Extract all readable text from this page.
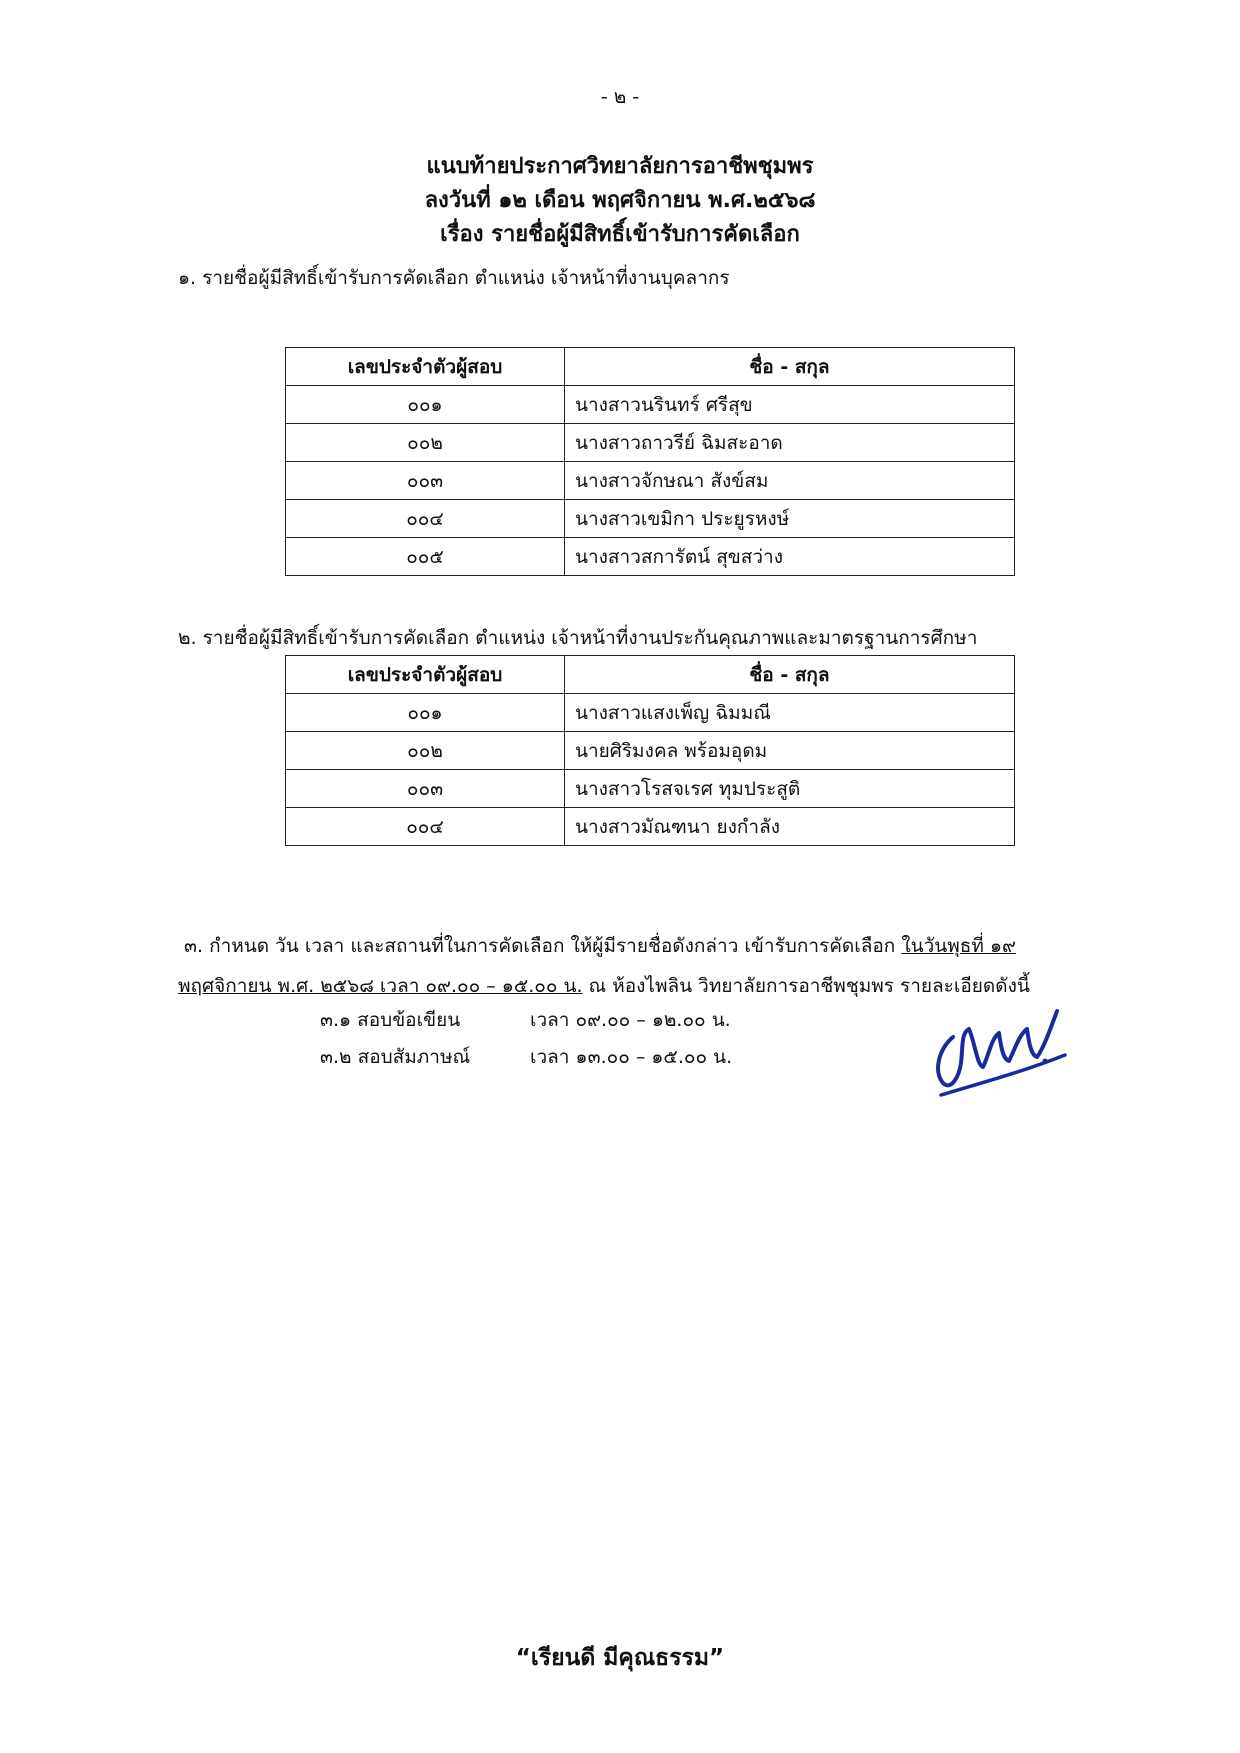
- ๒ -
แนบท้ายประกาศวิทยาลัยการอาชีพชุมพร
ลงวันที่ ๑๒ เดือน พฤศจิกายน พ.ศ.๒๕๖๘
เรื่อง รายชื่อผู้มีสิทธิ์เข้ารับการคัดเลือก
๑. รายชื่อผู้มีสิทธิ์เข้ารับการคัดเลือก ตำแหน่ง เจ้าหน้าที่งานบุคลากร
เลขประจำตัวผู้สอบ	ชื่อ - สกุล
๐๐๑	นางสาวนรินทร์ ศรีสุข
๐๐๒	นางสาวถาวรีย์ ฉิมสะอาด
๐๐๓	นางสาวจักษณา สังข์สม
๐๐๔	นางสาวเขมิกา ประยูรหงษ์
๐๐๕	นางสาวสการัตน์ สุขสว่าง
๒. รายชื่อผู้มีสิทธิ์เข้ารับการคัดเลือก ตำแหน่ง เจ้าหน้าที่งานประกันคุณภาพและมาตรฐานการศึกษา
เลขประจำตัวผู้สอบ	ชื่อ - สกุล
๐๐๑	นางสาวแสงเพ็ญ ฉิมมณี
๐๐๒	นายศิริมงคล พร้อมอุดม
๐๐๓	นางสาวโรสจเรศ ทุมประสูติ
๐๐๔	นางสาวมัณฑนา ยงกำลัง
๓. กำหนด วัน เวลา และสถานที่ในการคัดเลือก ให้ผู้มีรายชื่อดังกล่าว เข้ารับการคัดเลือก ในวันพุธที่ ๑๙ พฤศจิกายน พ.ศ. ๒๕๖๘ เวลา ๐๙.๐๐ – ๑๕.๐๐ น. ณ ห้องไพลิน วิทยาลัยการอาชีพชุมพร รายละเอียดดังนี้
๓.๑ สอบข้อเขียน	เวลา ๐๙.๐๐ – ๑๒.๐๐ น.
๓.๒ สอบสัมภาษณ์	เวลา ๑๓.๐๐ – ๑๕.๐๐ น.
“เรียนดี มีคุณธรรม”
